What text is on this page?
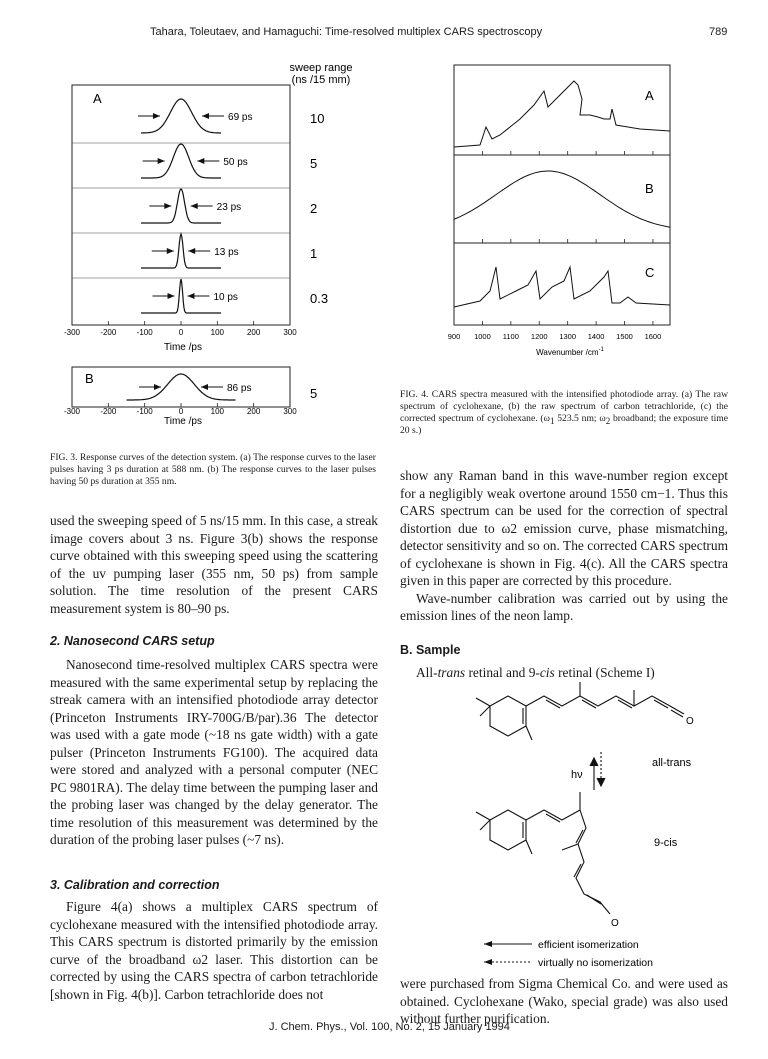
Tahara, Toleutaev, and Hamaguchi: Time-resolved multiplex CARS spectroscopy	789
sweep range
(ns /15 mm)
A
69 ps	10
50 ps	5
23 ps	2
13 ps	1
10 ps	0.3
-300	-200	-100	0	100	200	300
Time /ps
B
86 ps	5
-300	-200	-100	0	100	200	300
Time /ps
FIG. 3. Response curves of the detection system. (a) The response curves to the laser pulses having 3 ps duration at 588 nm. (b) The response curves to the laser pulses having 50 ps duration at 355 nm.
A
B
C
900 1000 1100 1200 1300 1400 1500 1600
Wavenumber $/cm^{-1}$
FIG. 4. CARS spectra measured with the intensified photodiode array. (a) The raw spectrum of cyclohexane, (b) the raw spectrum of carbon tetrachloride, (c) the corrected spectrum of cyclohexane. ($\omega_1$ 523.5 nm; $\omega_2$ broadband; the exposure time 20 s.)

used the sweeping speed of 5 ns/15 mm. In this case, a streak image covers about 3 ns. Figure 3(b) shows the response curve obtained with this sweeping speed using the scattering of the uv pumping laser (355 nm, 50 ps) from sample solution. The time resolution of the present CARS measurement system is 80–90 ps.

2. Nanosecond CARS setup

Nanosecond time-resolved multiplex CARS spectra were measured with the same experimental setup by replacing the streak camera with an intensified photodiode array detector (Princeton Instruments IRY-700G/B/par).36 The detector was used with a gate mode (~18 ns gate width) with a gate pulser (Princeton Instruments FG100). The acquired data were stored and analyzed with a personal computer (NEC PC 9801RA). The delay time between the pumping laser and the probing laser was changed by the delay generator. The time resolution of this measurement was determined by the duration of the probing laser pulses (~7 ns).

3. Calibration and correction

Figure 4(a) shows a multiplex CARS spectrum of cyclohexane measured with the intensified photodiode array. This CARS spectrum is distorted primarily by the emission curve of the broadband ω2 laser. This distortion can be corrected by using the CARS spectra of carbon tetrachloride [shown in Fig. 4(b)]. Carbon tetrachloride does not

show any Raman band in this wave-number region except for a negligibly weak overtone around 1550 cm−1. Thus this CARS spectrum can be used for the correction of spectral distortion due to ω2 emission curve, phase mismatching, detector sensitivity and so on. The corrected CARS spectrum of cyclohexane is shown in Fig. 4(c). All the CARS spectra given in this paper are corrected by this procedure.

Wave-number calibration was carried out by using the emission lines of the neon lamp.

B. Sample
All-trans retinal and 9-cis retinal (Scheme I)
O
O
all-trans
hν
9-cis
efficient isomerization
virtually no isomerization

were purchased from Sigma Chemical Co. and were used as obtained. Cyclohexane (Wako, special grade) was also used without further purification.

J. Chem. Phys., Vol. 100, No. 2, 15 January 1994
